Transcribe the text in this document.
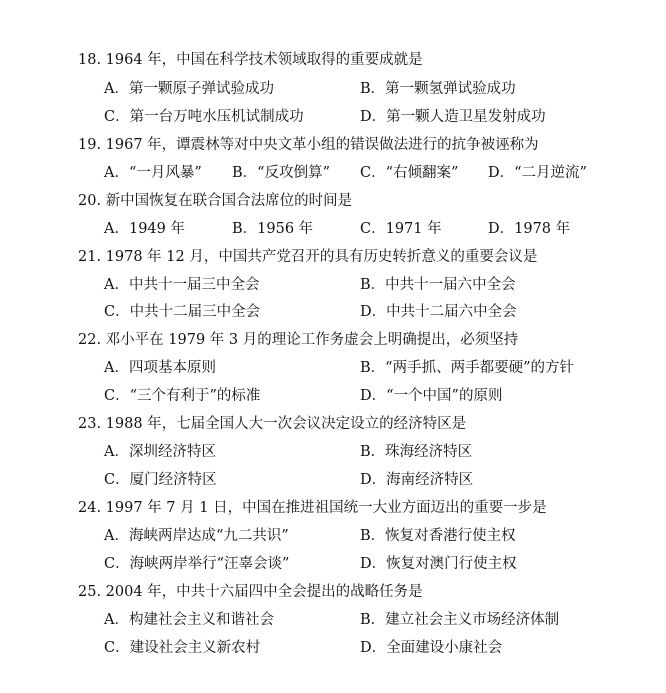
18. 1964 年，中国在科学技术领域取得的重要成就是
A．第一颗原子弹试验成功	B．第一颗氢弹试验成功
C．第一台万吨水压机试制成功	D．第一颗人造卫星发射成功
19. 1967 年，谭震林等对中央文革小组的错误做法进行的抗争被诬称为
A．“一月风暴” B．“反攻倒算” C．“右倾翻案” D．“二月逆流”
20. 新中国恢复在联合国合法席位的时间是
A．1949 年	B．1956 年	C．1971 年	D．1978 年
21. 1978 年 12 月，中国共产党召开的具有历史转折意义的重要会议是
A．中共十一届三中全会	B．中共十一届六中全会
C．中共十二届三中全会	D．中共十二届六中全会
22. 邓小平在 1979 年 3 月的理论工作务虚会上明确提出，必须坚持
A．四项基本原则	B．“两手抓、两手都要硬”的方针
C．“三个有利于”的标准	D．“一个中国”的原则
23. 1988 年，七届全国人大一次会议决定设立的经济特区是
A．深圳经济特区	B．珠海经济特区
C．厦门经济特区	D．海南经济特区
24. 1997 年 7 月 1 日，中国在推进祖国统一大业方面迈出的重要一步是
A．海峡两岸达成“九二共识”	B．恢复对香港行使主权
C．海峡两岸举行“汪辜会谈”	D．恢复对澳门行使主权
25. 2004 年，中共十六届四中全会提出的战略任务是
A．构建社会主义和谐社会	B．建立社会主义市场经济体制
C．建设社会主义新农村	D．全面建设小康社会
